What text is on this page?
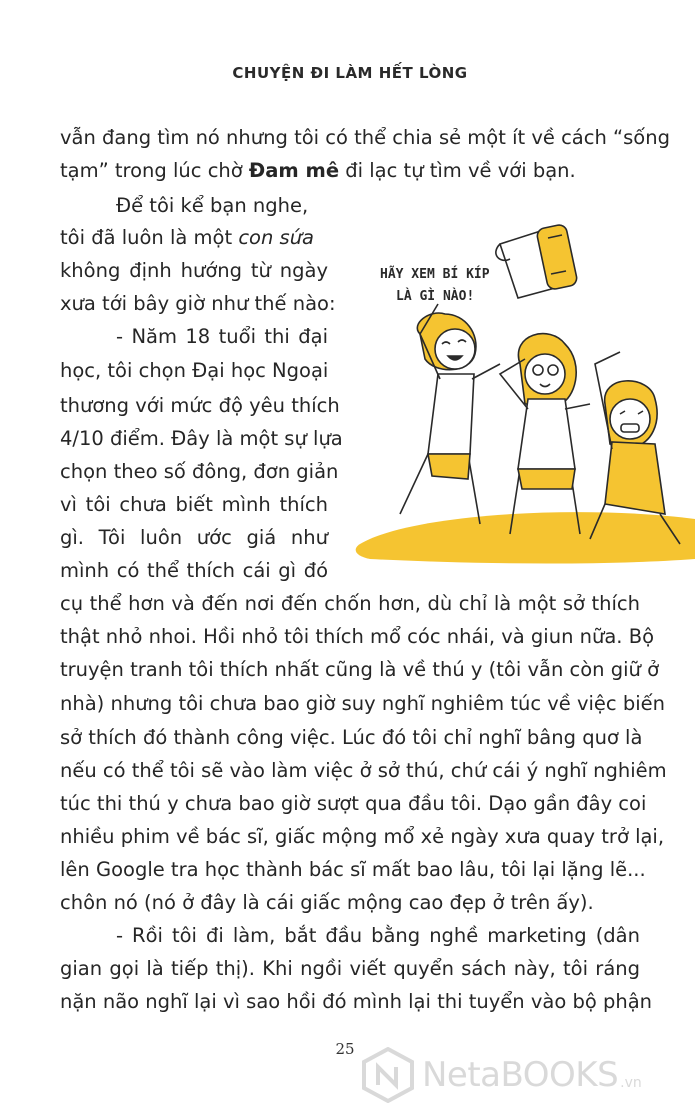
CHUYỆN ĐI LÀM HẾT LÒNG
vẫn đang tìm nó nhưng tôi có thể chia sẻ một ít về cách “sống
tạm” trong lúc chờ Đam mê đi lạc tự tìm về với bạn.
Để tôi kể bạn nghe,
tôi đã luôn là một con sứa
không định hướng từ ngày
xưa tới bây giờ như thế nào:
- Năm 18 tuổi thi đại
học, tôi chọn Đại học Ngoại
thương với mức độ yêu thích
4/10 điểm. Đây là một sự lựa
chọn theo số đông, đơn giản
vì tôi chưa biết mình thích
gì. Tôi luôn ước giá như
mình có thể thích cái gì đó
cụ thể hơn và đến nơi đến chốn hơn, dù chỉ là một sở thích
thật nhỏ nhoi. Hồi nhỏ tôi thích mổ cóc nhái, và giun nữa. Bộ
truyện tranh tôi thích nhất cũng là về thú y (tôi vẫn còn giữ ở
nhà) nhưng tôi chưa bao giờ suy nghĩ nghiêm túc về việc biến
sở thích đó thành công việc. Lúc đó tôi chỉ nghĩ bâng quơ là
nếu có thể tôi sẽ vào làm việc ở sở thú, chứ cái ý nghĩ nghiêm
túc thi thú y chưa bao giờ sượt qua đầu tôi. Dạo gần đây coi
nhiều phim về bác sĩ, giấc mộng mổ xẻ ngày xưa quay trở lại,
lên Google tra học thành bác sĩ mất bao lâu, tôi lại lặng lẽ...
chôn nó (nó ở đây là cái giấc mộng cao đẹp ở trên ấy).
- Rồi tôi đi làm, bắt đầu bằng nghề marketing (dân
gian gọi là tiếp thị). Khi ngồi viết quyển sách này, tôi ráng
nặn não nghĩ lại vì sao hồi đó mình lại thi tuyển vào bộ phận
HÃY XEM BÍ KÍP
LÀ GÌ NÀO!
25
NetaBOOKS .vn
